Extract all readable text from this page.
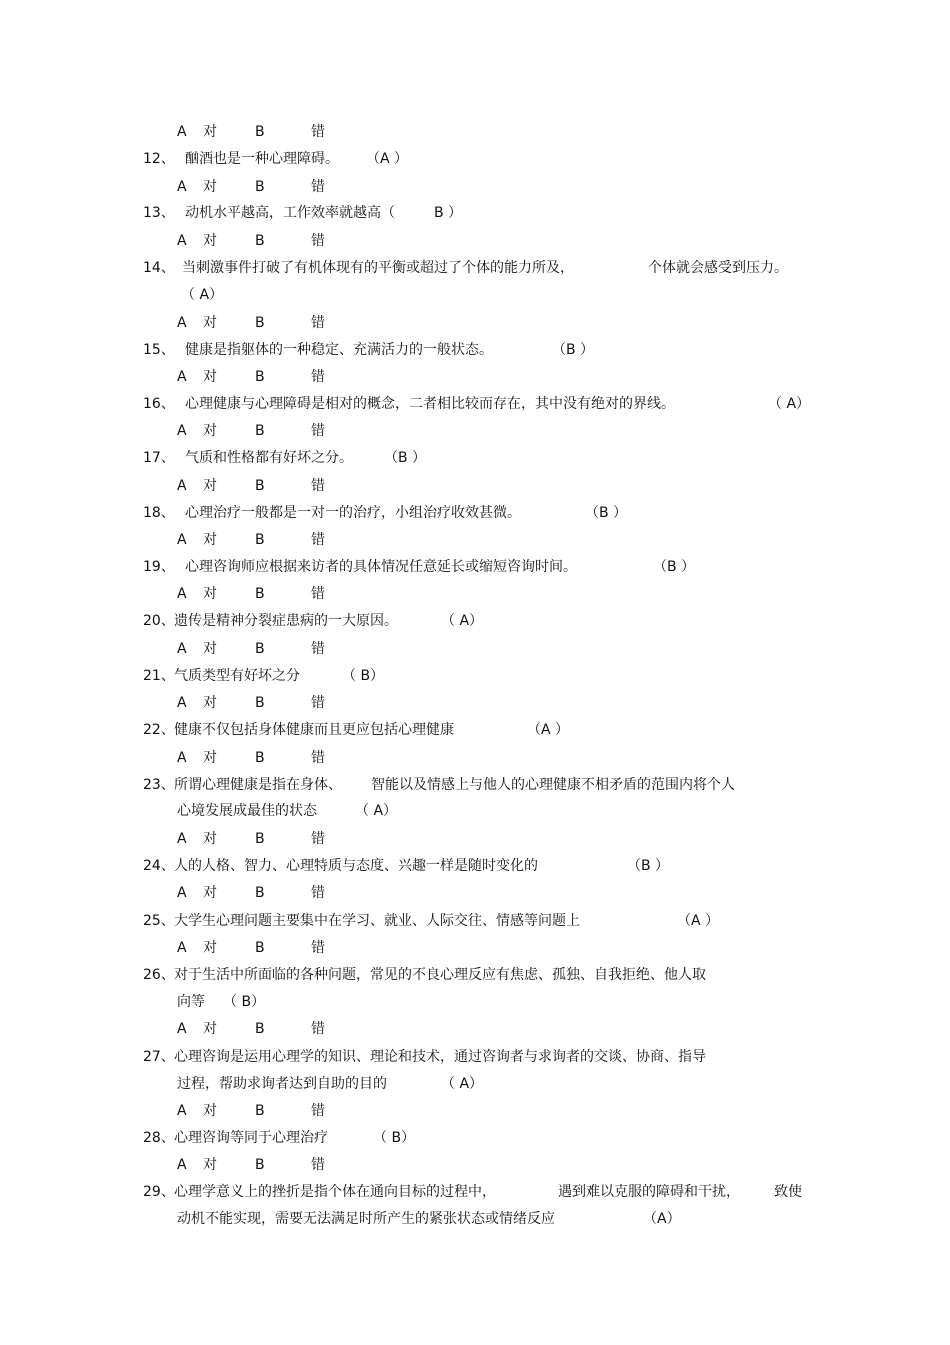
A 对	B	错
12、 酗酒也是一种心理障碍。 （A ）
A 对	B	错
13、 动机水平越高，工作效率就越高（	B ）
A 对	B	错
14、 当刺激事件打破了有机体现有的平衡或超过了个体的能力所及，	个体就会感受到压力。
（ A）
A 对	B	错
15、 健康是指躯体的一种稳定、充满活力的一般状态。	（B ）
A 对	B	错
16、 心理健康与心理障碍是相对的概念，二者相比较而存在，其中没有绝对的界线。	（ A）
A 对	B	错
17、 气质和性格都有好坏之分。 （B ）
A 对	B	错
18、 心理治疗一般都是一对一的治疗，小组治疗收效甚微。	（B ）
A 对	B	错
19、 心理咨询师应根据来访者的具体情况任意延长或缩短咨询时间。	（B ）
A 对	B	错
20、 遗传是精神分裂症患病的一大原因。	（ A）
A 对	B	错
21、 气质类型有好坏之分	（ B）
A 对	B	错
22、 健康不仅包括身体健康而且更应包括心理健康	（A ）
A 对	B	错
23、 所谓心理健康是指在身体、 智能以及情感上与他人的心理健康不相矛盾的范围内将个人
心境发展成最佳的状态	（ A）
A 对	B	错
24、 人的人格、智力、心理特质与态度、兴趣一样是随时变化的	（B ）
A 对	B	错
25、 大学生心理问题主要集中在学习、就业、人际交往、情感等问题上	（A ）
A 对	B	错
26、 对于生活中所面临的各种问题，常见的不良心理反应有焦虑、孤独、自我拒绝、他人取
向等 （ B）
A 对	B	错
27、 心理咨询是运用心理学的知识、理论和技术，通过咨询者与求询者的交谈、协商、指导
过程，帮助求询者达到自助的目的	（ A）
A 对	B	错
28、 心理咨询等同于心理治疗	（ B）
A 对	B	错
29、 心理学意义上的挫折是指个体在通向目标的过程中，	遇到难以克服的障碍和干扰， 致使
动机不能实现，需要无法满足时所产生的紧张状态或情绪反应	（A）
